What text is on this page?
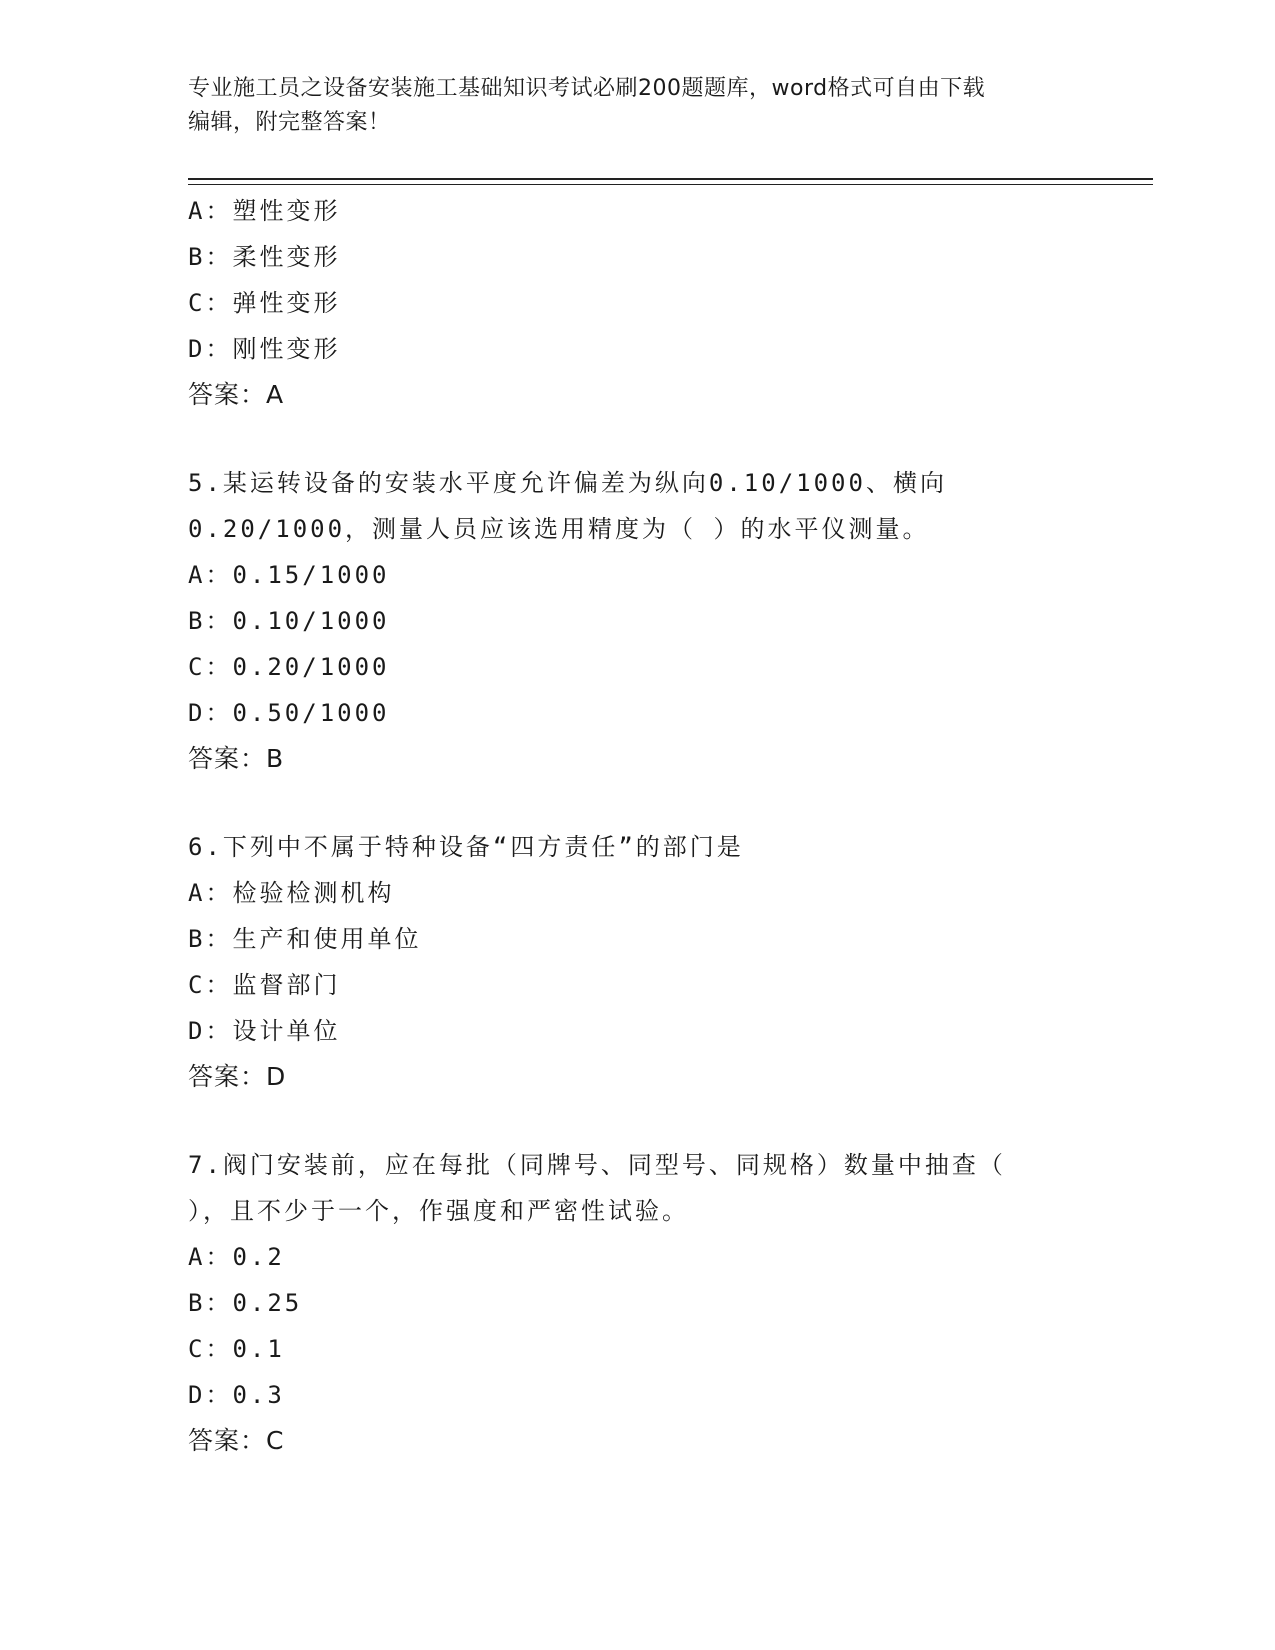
专业施工员之设备安装施工基础知识考试必刷200题题库，word格式可自由下载
编辑，附完整答案！
A：塑性变形
B：柔性变形
C：弹性变形
D：刚性变形
答案：A
5.某运转设备的安装水平度允许偏差为纵向0.10/1000、横向
0.20/1000，测量人员应该选用精度为（ ）的水平仪测量。
A：0.15/1000
B：0.10/1000
C：0.20/1000
D：0.50/1000
答案：B
6.下列中不属于特种设备“四方责任”的部门是
A：检验检测机构
B：生产和使用单位
C：监督部门
D：设计单位
答案：D
7.阀门安装前，应在每批（同牌号、同型号、同规格）数量中抽查（
），且不少于一个，作强度和严密性试验。
A：0.2
B：0.25
C：0.1
D：0.3
答案：C
